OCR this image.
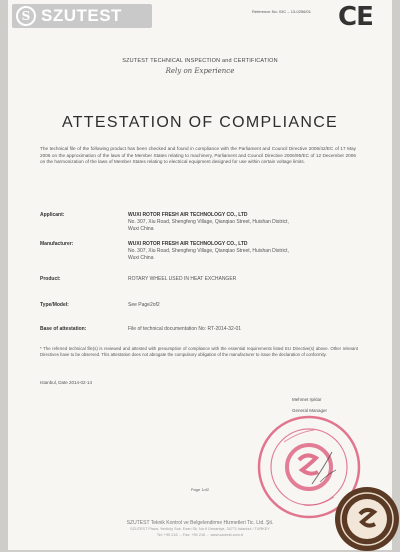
S SZUTEST	Reference No: 03C – 13-0256/01 CE
SZUTEST TECHNICAL INSPECTION and CERTIFICATION
Rely on Experience
ATTESTATION OF COMPLIANCE
The technical file of the following product has been checked and found in compliance with the Parliament and Council Directive 2006/42/EC of 17 May 2006 on the approximation of the laws of the Member States relating to machinery, Parliament and Council Directive 2006/95/EC of 12 December 2006 on the harmonization of the laws of Member States relating to electrical equipment designed for use within certain voltage limits.
Applicant:	WUXI ROTOR FRESH AIR TECHNOLOGY CO., LTD
No. 307, Xiu Road, Shengfeng Village, Qianqiao Street, Huishan District,
Wuxi China
Manufacturer:	WUXI ROTOR FRESH AIR TECHNOLOGY CO., LTD
No. 307, Xiu Road, Shengfeng Village, Qianqiao Street, Huishan District,
Wuxi China
Product:	ROTARY WHEEL USED IN HEAT EXCHANGER
Type/Model:	See Page2of2
Base of attestation:	File of technical documentation No: RT-2014-32-01
* The referred technical file(s) is reviewed and attested with presumption of compliance with the essential requirements listed EU Directive(s) above. Other relevant Directives have to be observed. This attestation does not abrogate the compulsory obligation of the manufacturer to issue the declaration of conformity.
Istanbul, Date 2014-02-14
Mehmet Işıklar
General Manager
Page 1of2
SZUTEST Teknik Kontrol ve Belgelendirme Hizmetleri Tic. Ltd. Şti.
SZUTEST Plaza, Yeniköy Sok. Esen Sk. No:9 Ümraniye, 34771 İstanbul / TURKEY
Tel: +90 216 ... Fax: +90 216 ... www.szutest.com.tr
